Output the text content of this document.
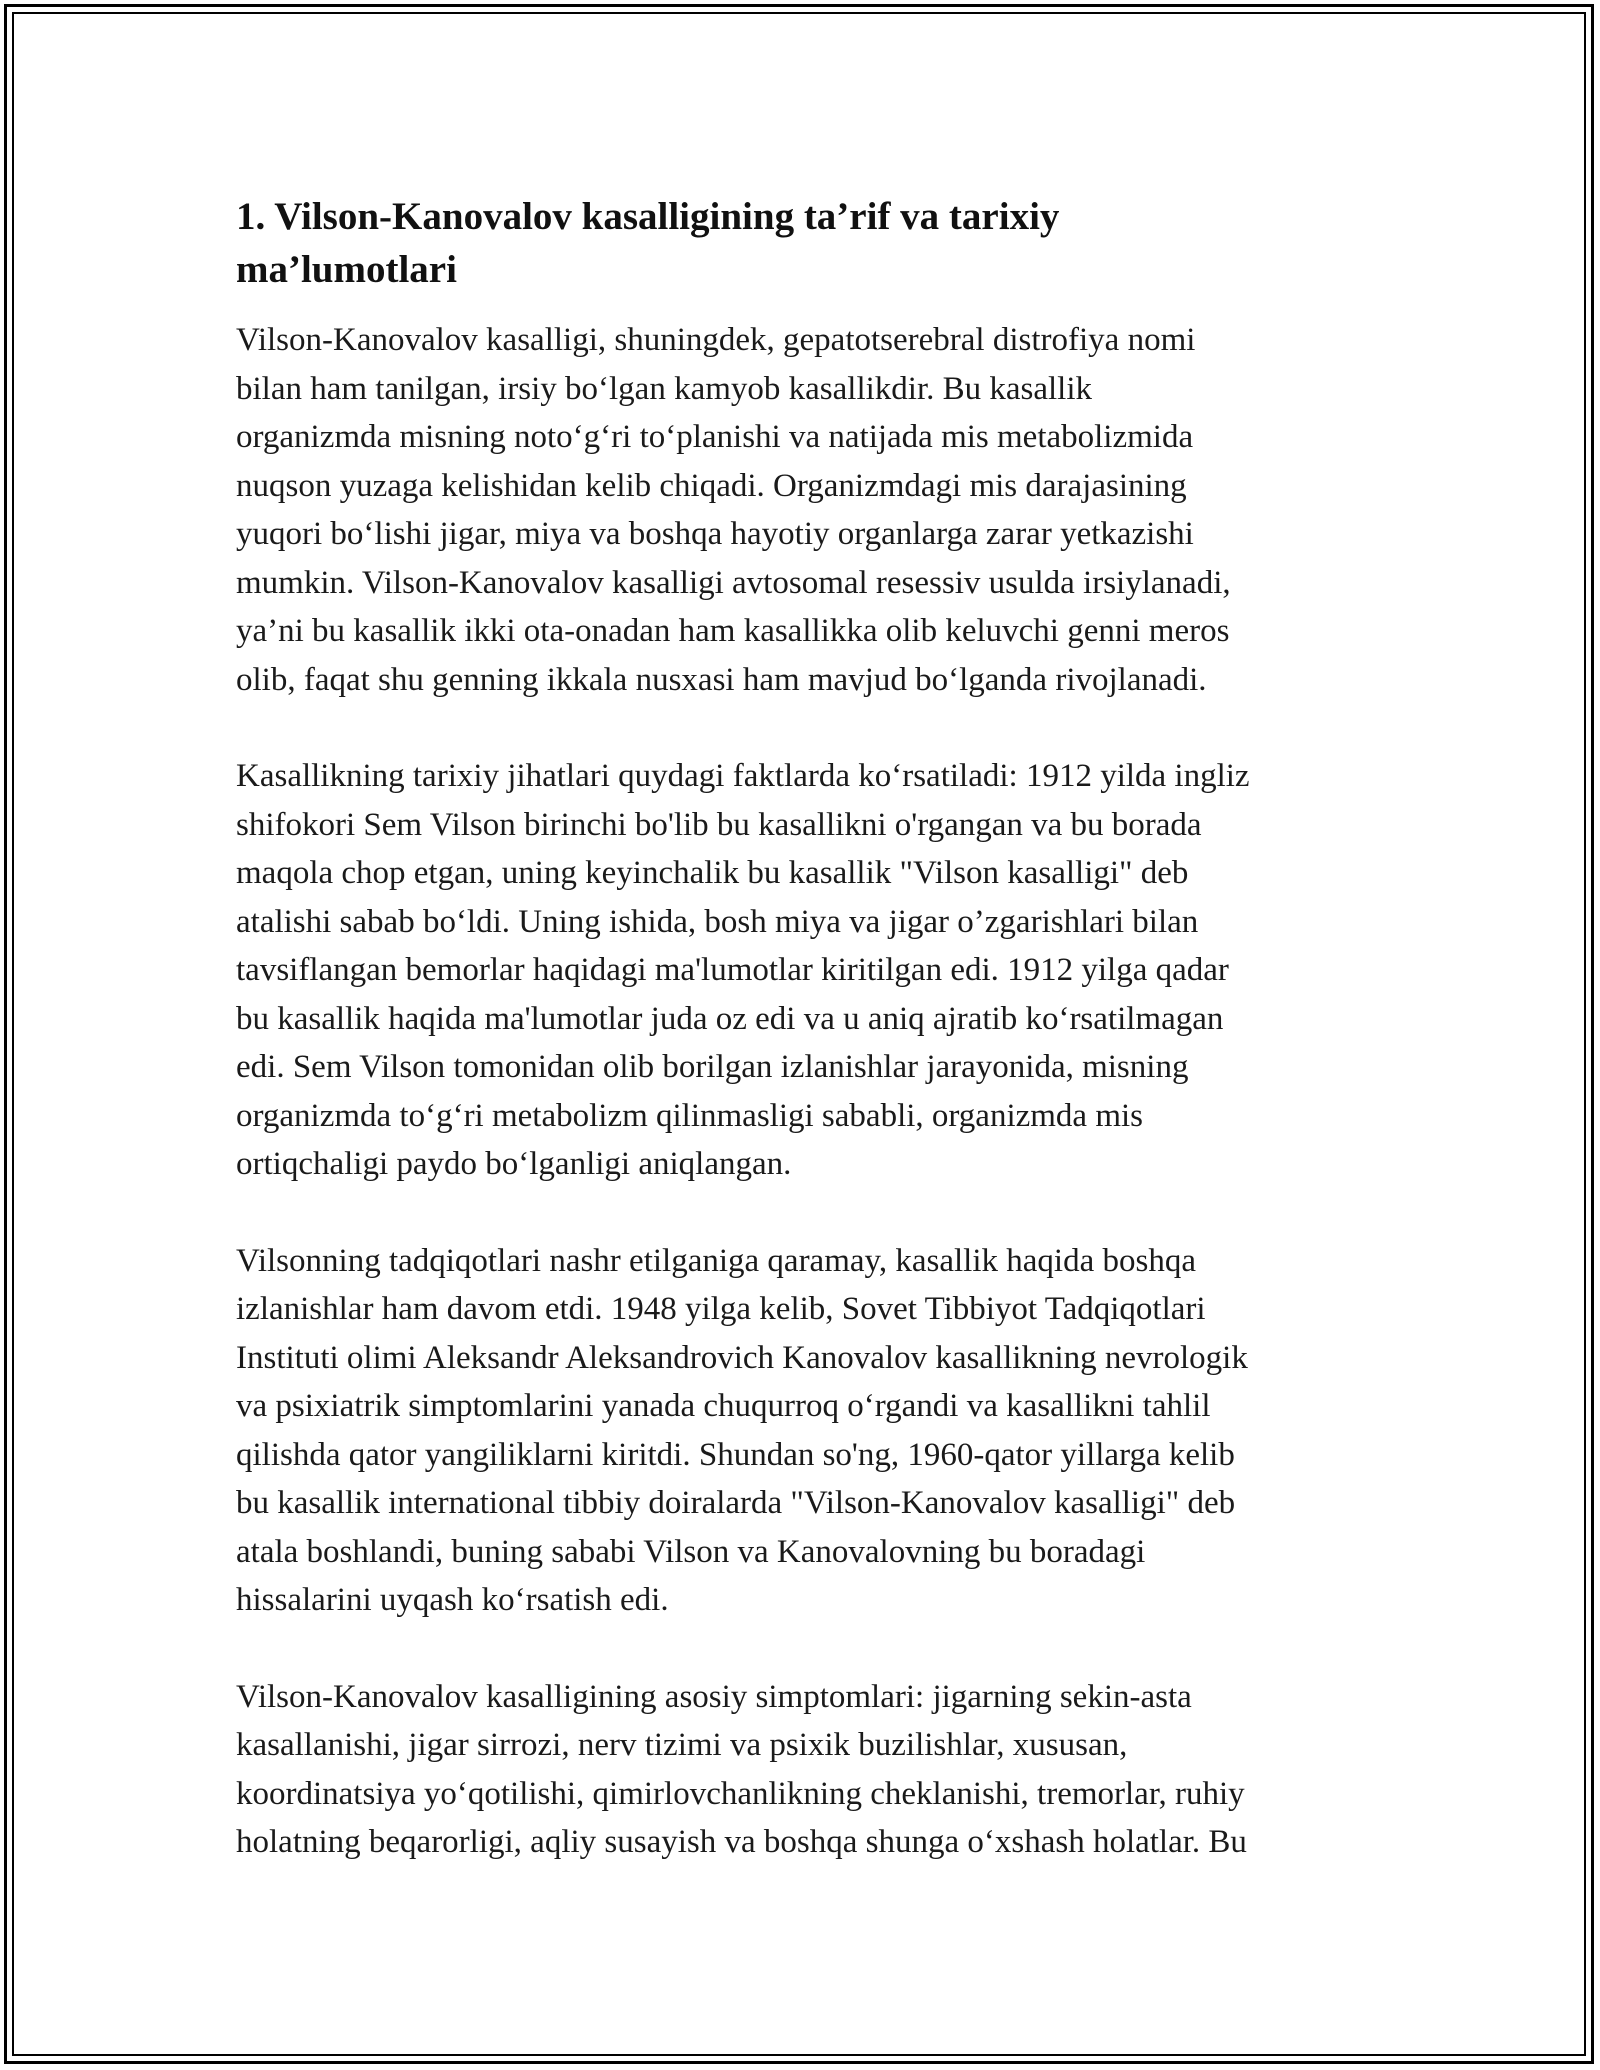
1. Vilson-Kanovalov kasalligining ta’rif va tarixiy
ma’lumotlari

Vilson-Kanovalov kasalligi, shuningdek, gepatotserebral distrofiya nomi
bilan ham tanilgan, irsiy boʻlgan kamyob kasallikdir. Bu kasallik
organizmda misning notoʻgʻri toʻplanishi va natijada mis metabolizmida
nuqson yuzaga kelishidan kelib chiqadi. Organizmdagi mis darajasining
yuqori boʻlishi jigar, miya va boshqa hayotiy organlarga zarar yetkazishi
mumkin. Vilson-Kanovalov kasalligi avtosomal resessiv usulda irsiylanadi,
ya’ni bu kasallik ikki ota-onadan ham kasallikka olib keluvchi genni meros
olib, faqat shu genning ikkala nusxasi ham mavjud boʻlganda rivojlanadi.

Kasallikning tarixiy jihatlari quydagi faktlarda koʻrsatiladi: 1912 yilda ingliz
shifokori Sem Vilson birinchi bo'lib bu kasallikni o'rgangan va bu borada
maqola chop etgan, uning keyinchalik bu kasallik "Vilson kasalligi" deb
atalishi sabab boʻldi. Uning ishida, bosh miya va jigar o’zgarishlari bilan
tavsiflangan bemorlar haqidagi ma'lumotlar kiritilgan edi. 1912 yilga qadar
bu kasallik haqida ma'lumotlar juda oz edi va u aniq ajratib koʻrsatilmagan
edi. Sem Vilson tomonidan olib borilgan izlanishlar jarayonida, misning
organizmda toʻgʻri metabolizm qilinmasligi sababli, organizmda mis
ortiqchaligi paydo boʻlganligi aniqlangan.

Vilsonning tadqiqotlari nashr etilganiga qaramay, kasallik haqida boshqa
izlanishlar ham davom etdi. 1948 yilga kelib, Sovet Tibbiyot Tadqiqotlari
Instituti olimi Aleksandr Aleksandrovich Kanovalov kasallikning nevrologik
va psixiatrik simptomlarini yanada chuqurroq oʻrgandi va kasallikni tahlil
qilishda qator yangiliklarni kiritdi. Shundan so'ng, 1960-qator yillarga kelib
bu kasallik international tibbiy doiralarda "Vilson-Kanovalov kasalligi" deb
atala boshlandi, buning sababi Vilson va Kanovalovning bu boradagi
hissalarini uyqash koʻrsatish edi.

Vilson-Kanovalov kasalligining asosiy simptomlari: jigarning sekin-asta
kasallanishi, jigar sirrozi, nerv tizimi va psixik buzilishlar, xususan,
koordinatsiya yoʻqotilishi, qimirlovchanlikning cheklanishi, tremorlar, ruhiy
holatning beqarorligi, aqliy susayish va boshqa shunga oʻxshash holatlar. Bu
